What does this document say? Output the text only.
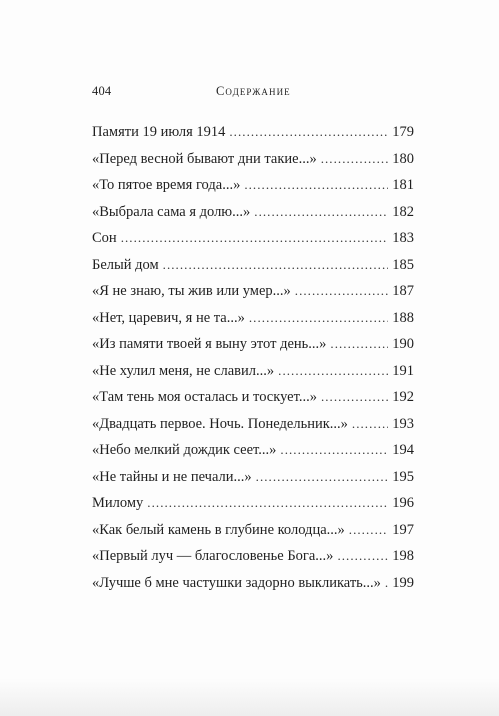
404	Содержание
Памяти 19 июля 1914 . . .	179
«Перед весной бывают дни такие...» . . .	180
«То пятое время года...» . . .	181
«Выбрала сама я долю...» . . .	182
Сон . . .	183
Белый дом . . .	185
«Я не знаю, ты жив или умер...» . . .	187
«Нет, царевич, я не та...» . . .	188
«Из памяти твоей я выну этот день...» . . .	190
«Не хулил меня, не славил...» . . .	191
«Там тень моя осталась и тоскует...» . . .	192
«Двадцать первое. Ночь. Понедельник...» . . .	193
«Небо мелкий дождик сеет...» . . .	194
«Не тайны и не печали...» . . .	195
Милому . . .	196
«Как белый камень в глубине колодца...» . . .	197
«Первый луч — благословенье Бога...» . . .	198
«Лучше б мне частушки задорно выкликать...» . . . 199
